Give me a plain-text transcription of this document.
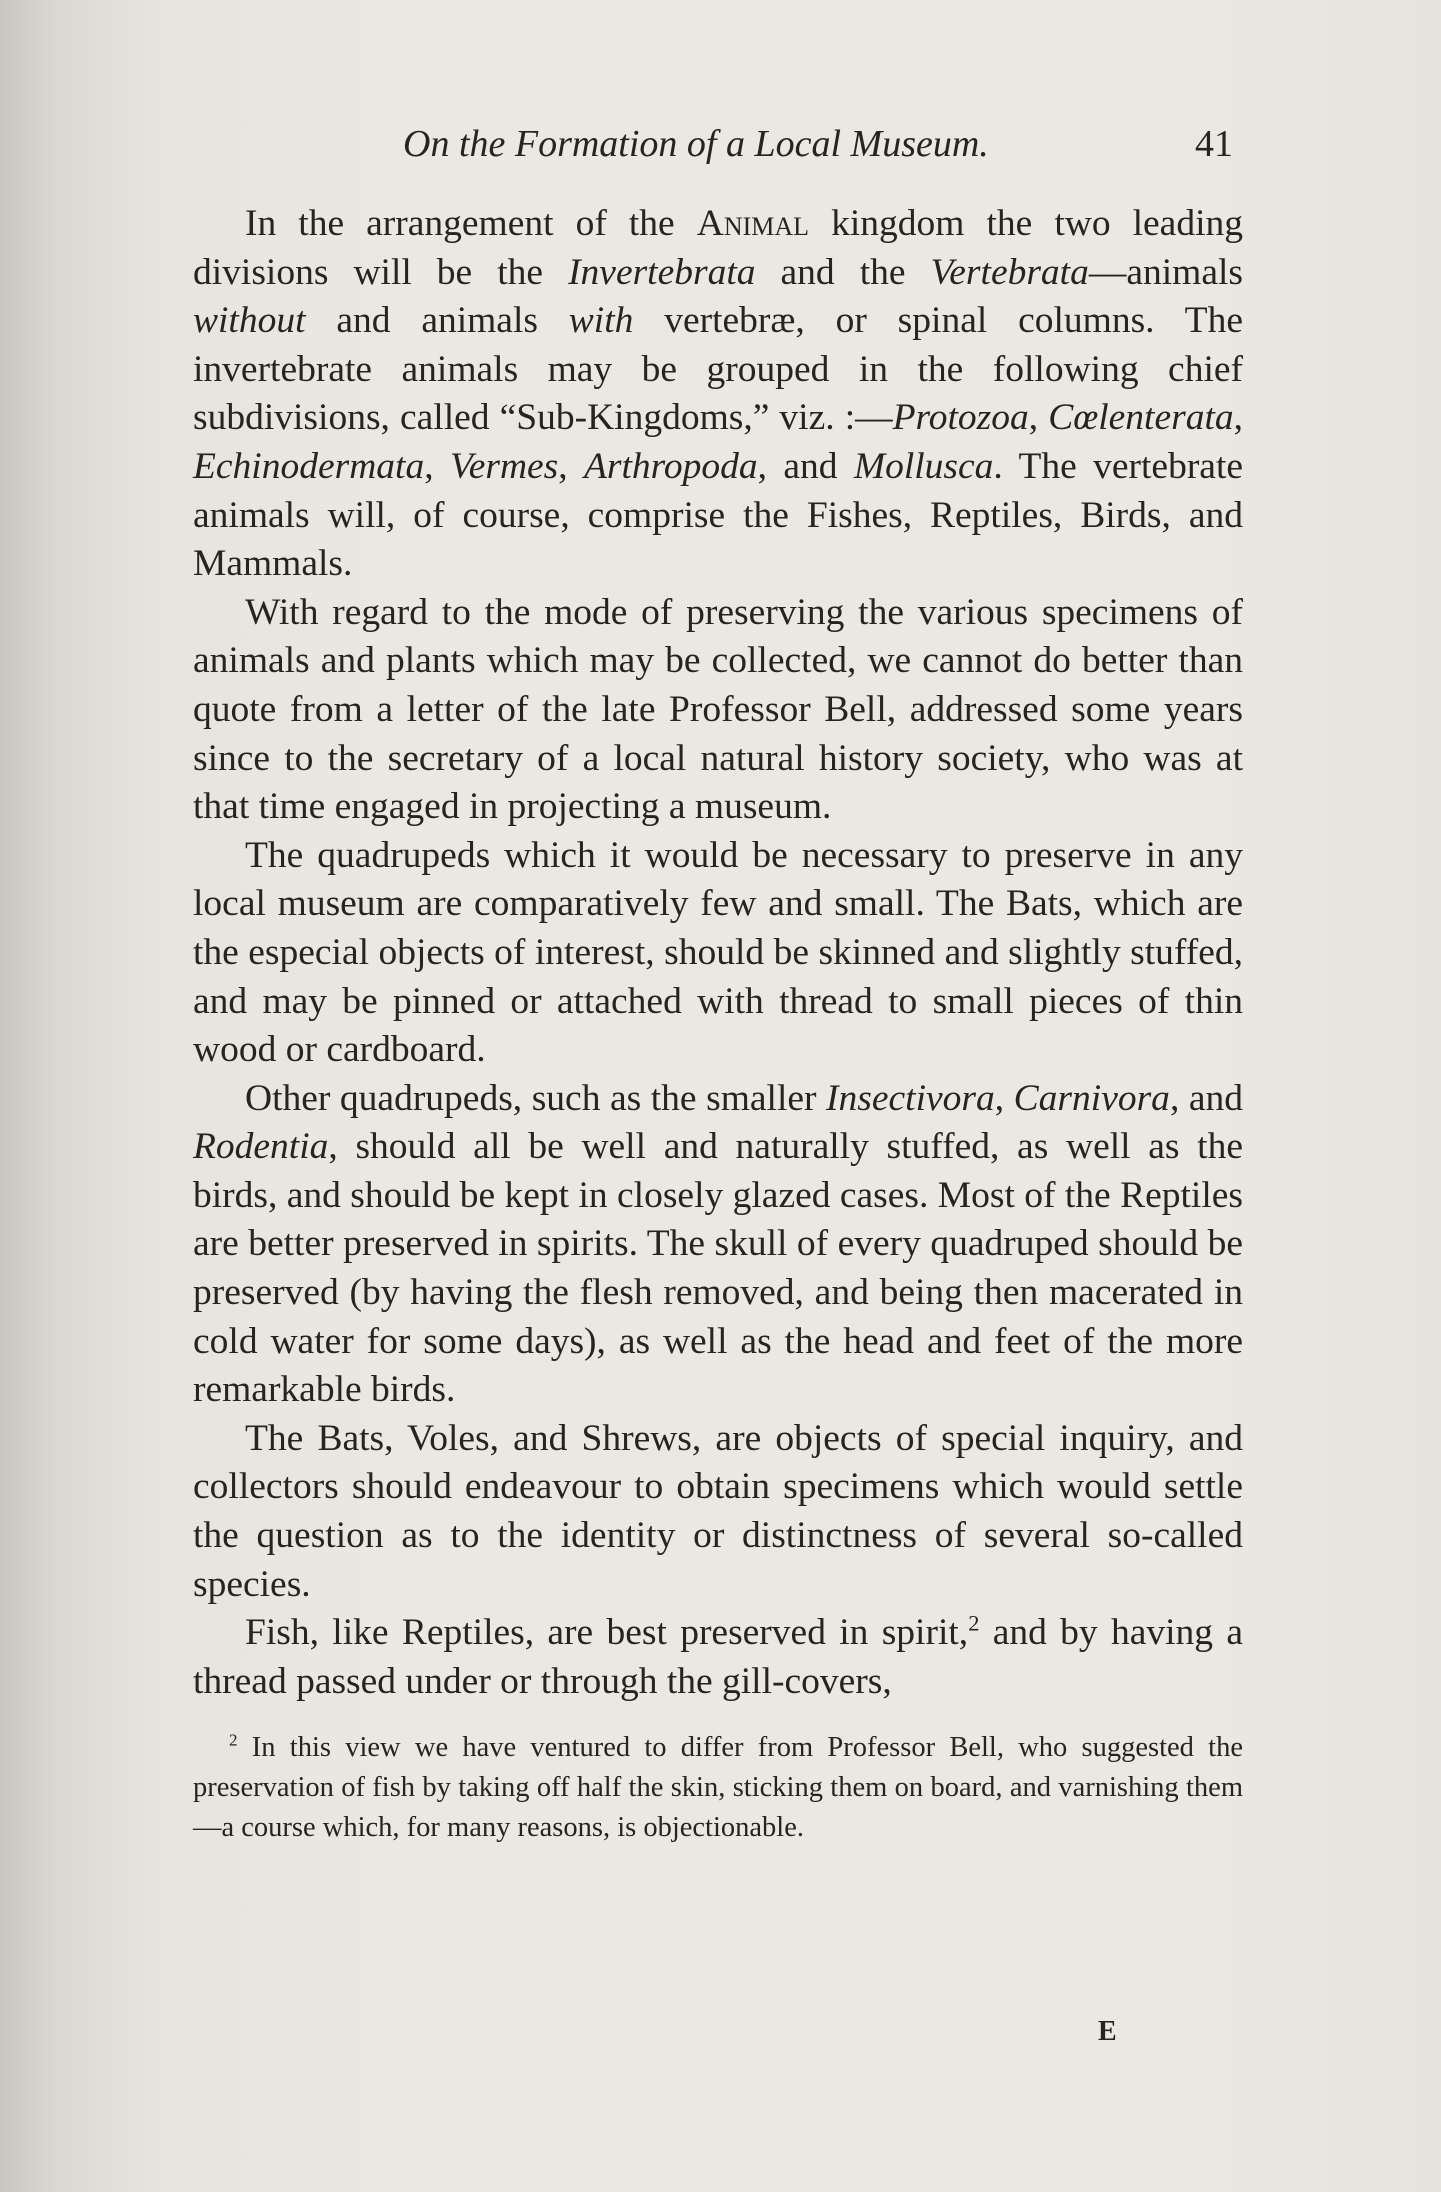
On the Formation of a Local Museum.	41

In the arrangement of the Animal kingdom the two leading divisions will be the Invertebrata and the Vertebrata—animals without and animals with vertebræ, or spinal columns. The invertebrate animals may be grouped in the following chief subdivisions, called “Sub-Kingdoms,” viz. :—Protozoa, Cœlenterata, Echinodermata, Vermes, Arthropoda, and Mollusca. The vertebrate animals will, of course, comprise the Fishes, Reptiles, Birds, and Mammals.

With regard to the mode of preserving the various specimens of animals and plants which may be collected, we cannot do better than quote from a letter of the late Professor Bell, addressed some years since to the secretary of a local natural history society, who was at that time engaged in projecting a museum.

The quadrupeds which it would be necessary to preserve in any local museum are comparatively few and small. The Bats, which are the especial objects of interest, should be skinned and slightly stuffed, and may be pinned or attached with thread to small pieces of thin wood or cardboard.

Other quadrupeds, such as the smaller Insectivora, Carnivora, and Rodentia, should all be well and naturally stuffed, as well as the birds, and should be kept in closely glazed cases. Most of the Reptiles are better preserved in spirits. The skull of every quadruped should be preserved (by having the flesh removed, and being then macerated in cold water for some days), as well as the head and feet of the more remarkable birds.

The Bats, Voles, and Shrews, are objects of special inquiry, and collectors should endeavour to obtain specimens which would settle the question as to the identity or distinctness of several so-called species.

Fish, like Reptiles, are best preserved in spirit,$^2$ and by having a thread passed under or through the gill-covers,

$^2$ In this view we have ventured to differ from Professor Bell, who suggested the preservation of fish by taking off half the skin, sticking them on board, and varnishing them—a course which, for many reasons, is objectionable.

E
